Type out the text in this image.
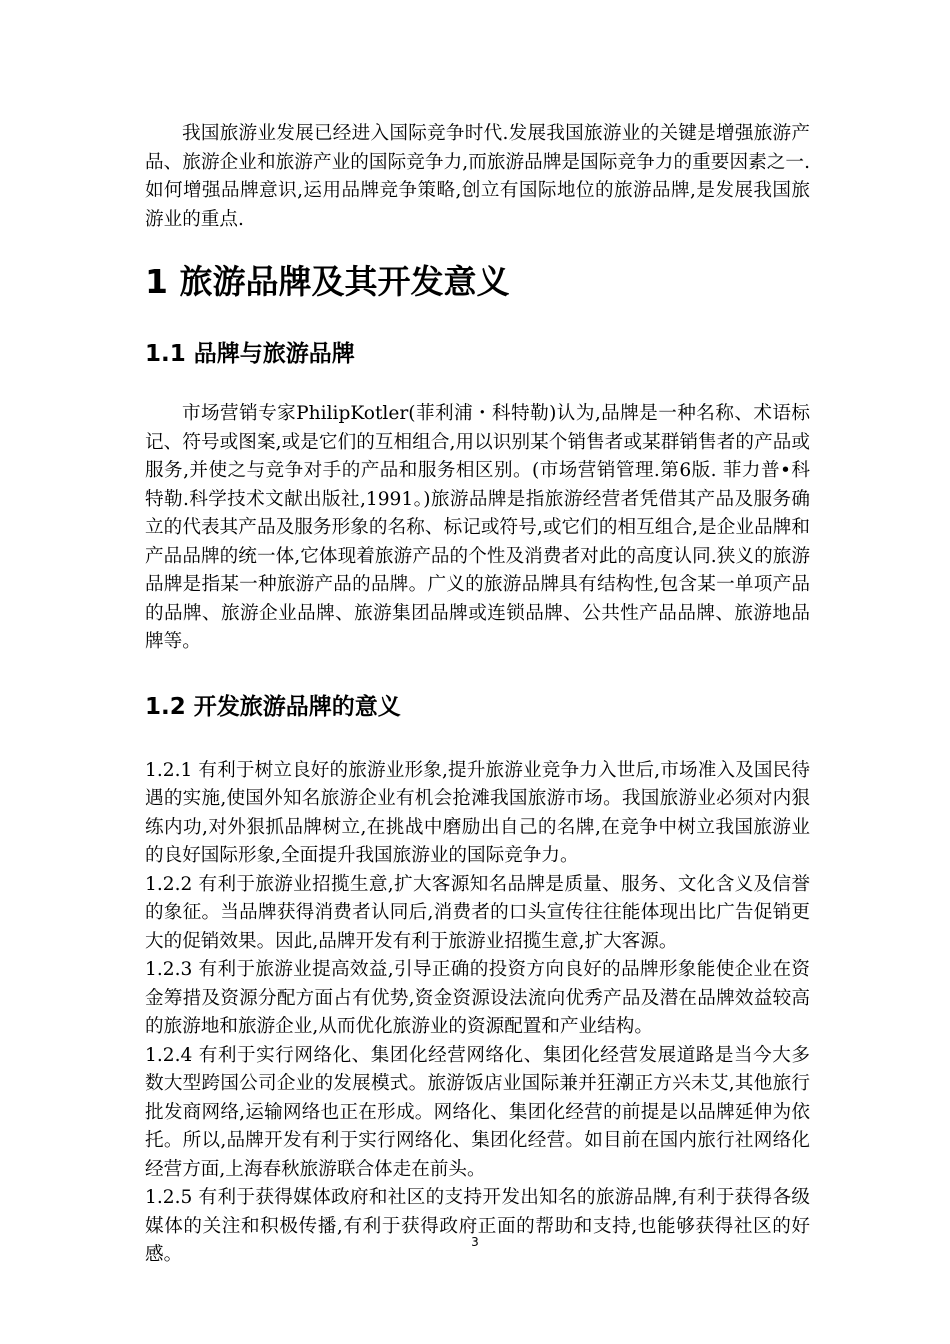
我国旅游业发展已经进入国际竞争时代.发展我国旅游业的关键是增强旅游产品、旅游企业和旅游产业的国际竞争力,而旅游品牌是国际竞争力的重要因素之一.如何增强品牌意识,运用品牌竞争策略,创立有国际地位的旅游品牌,是发展我国旅游业的重点.

1 旅游品牌及其开发意义
1.1 品牌与旅游品牌

市场营销专家PhilipKotler(菲利浦・科特勒)认为,品牌是一种名称、术语标记、符号或图案,或是它们的互相组合,用以识别某个销售者或某群销售者的产品或服务,并使之与竞争对手的产品和服务相区别。(市场营销管理.第6版. 菲力普•科特勒.科学技术文献出版社,1991。)旅游品牌是指旅游经营者凭借其产品及服务确立的代表其产品及服务形象的名称、标记或符号,或它们的相互组合,是企业品牌和产品品牌的统一体,它体现着旅游产品的个性及消费者对此的高度认同.狭义的旅游品牌是指某一种旅游产品的品牌。广义的旅游品牌具有结构性,包含某一单项产品的品牌、旅游企业品牌、旅游集团品牌或连锁品牌、公共性产品品牌、旅游地品牌等。

1.2 开发旅游品牌的意义

1.2.1 有利于树立良好的旅游业形象,提升旅游业竞争力入世后,市场准入及国民待遇的实施,使国外知名旅游企业有机会抢滩我国旅游市场。我国旅游业必须对内狠练内功,对外狠抓品牌树立,在挑战中磨励出自己的名牌,在竞争中树立我国旅游业的良好国际形象,全面提升我国旅游业的国际竞争力。

1.2.2 有利于旅游业招揽生意,扩大客源知名品牌是质量、服务、文化含义及信誉的象征。当品牌获得消费者认同后,消费者的口头宣传往往能体现出比广告促销更大的促销效果。因此,品牌开发有利于旅游业招揽生意,扩大客源。

1.2.3 有利于旅游业提高效益,引导正确的投资方向良好的品牌形象能使企业在资金筹措及资源分配方面占有优势,资金资源设法流向优秀产品及潜在品牌效益较高的旅游地和旅游企业,从而优化旅游业的资源配置和产业结构。

1.2.4 有利于实行网络化、集团化经营网络化、集团化经营发展道路是当今大多数大型跨国公司企业的发展模式。旅游饭店业国际兼并狂潮正方兴未艾,其他旅行批发商网络,运输网络也正在形成。网络化、集团化经营的前提是以品牌延伸为依托。所以,品牌开发有利于实行网络化、集团化经营。如目前在国内旅行社网络化经营方面,上海春秋旅游联合体走在前头。

1.2.5 有利于获得媒体政府和社区的支持开发出知名的旅游品牌,有利于获得各级媒体的关注和积极传播,有利于获得政府正面的帮助和支持,也能够获得社区的好感。

3
